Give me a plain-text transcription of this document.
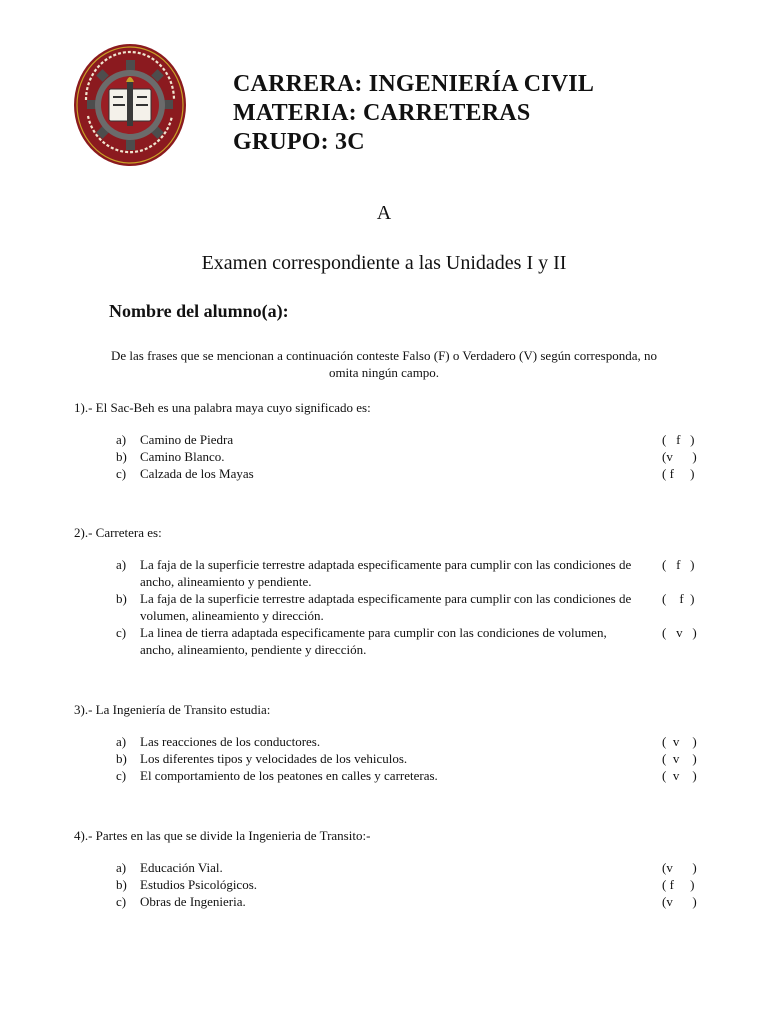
CARRERA: INGENIERÍA CIVIL
MATERIA: CARRETERAS
GRUPO: 3C
A
Examen correspondiente a las Unidades I y II
Nombre del alumno(a):
De las frases que se mencionan a continuación conteste Falso (F) o Verdadero (V) según corresponda, no omita ningún campo.
1).- El Sac-Beh es una palabra maya cuyo significado es:
a)	Camino de Piedra	(   f   )
b)	Camino Blanco.	(v      )
c)	Calzada de los Mayas	( f     )
2).- Carretera es:
a)	La faja de la superficie terrestre adaptada especificamente para cumplir con las condiciones de ancho, alineamiento y pendiente.
(   f   )
b)	La faja de la superficie terrestre adaptada especificamente para cumplir con las condiciones de volumen, alineamiento y dirección.
(    f  )
c)	La linea de tierra adaptada especificamente para cumplir con las condiciones de volumen, ancho, alineamiento, pendiente y dirección.
(   v   )
3).- La Ingeniería de Transito estudia:
a)	Las reacciones de los conductores.	(  v    )
b)	Los diferentes tipos y velocidades de los vehiculos.	(  v    )
c)	El comportamiento de los peatones en calles y carreteras.	(  v    )
4).- Partes en las que se divide la Ingenieria de Transito:-
a)	Educación Vial.	(v      )
b)	Estudios Psicológicos.	( f     )
c)	Obras de Ingenieria.	(v      )
